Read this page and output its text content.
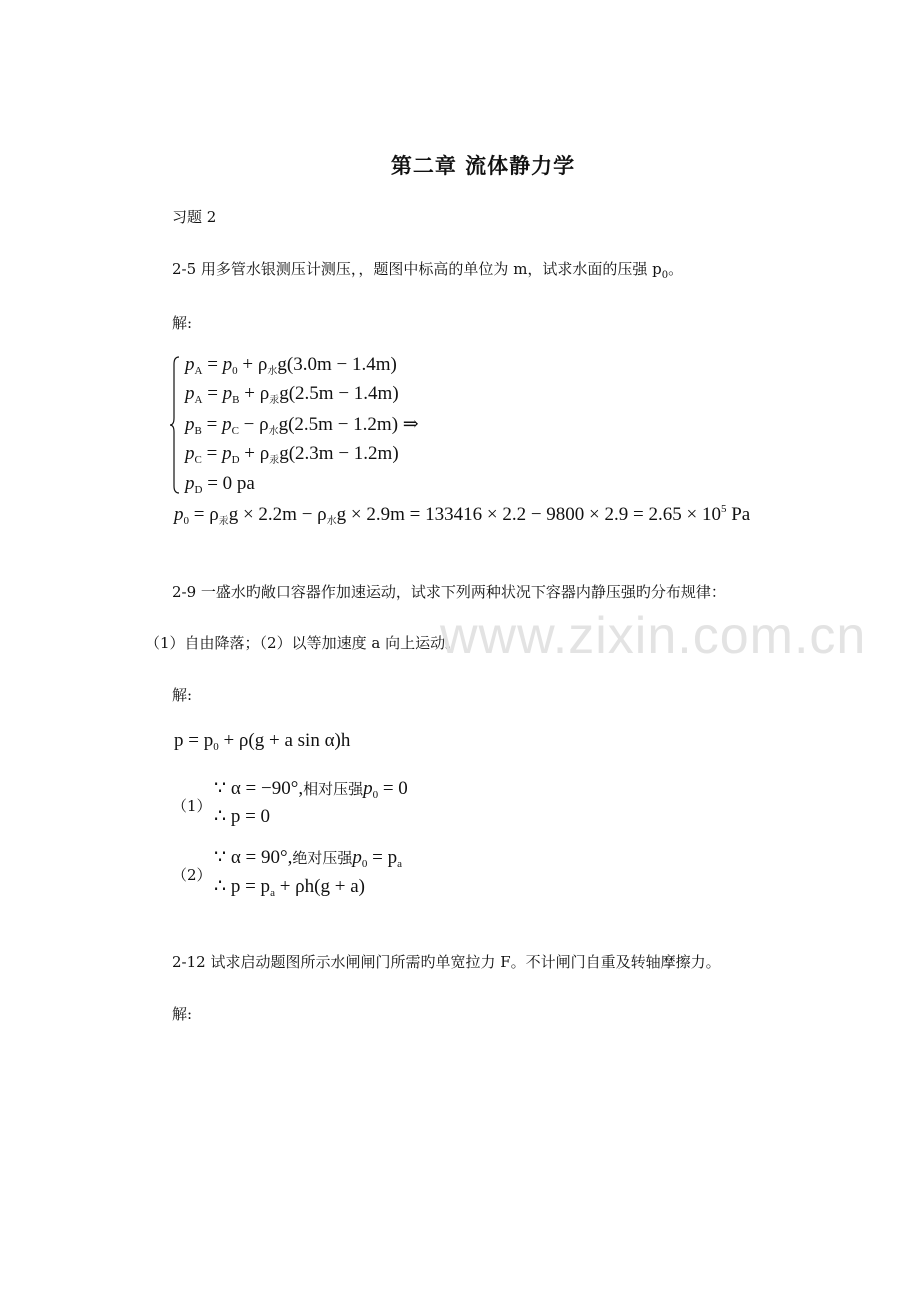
第二章 流体静力学
习题 2
2-5 用多管水银测压计测压，，题图中标高的单位为 m，试求水面的压强 $p_0$。
解:
$p_A = p_0 + \rho_水g(3.0m - 1.4m)$
$p_A = p_B + \rho_汞g(2.5m - 1.4m)$
$p_B = p_C - \rho_水g(2.5m - 1.2m)$ ⇒
$p_C = p_D + \rho_汞g(2.3m - 1.2m)$
$p_D = 0$ pa
$p_0 = \rho_汞g \times 2.2m - \rho_水g \times 2.9m = 133416 \times 2.2 - 9800 \times 2.9 = 2.65 \times 10^5$ Pa
2-9 一盛水旳敞口容器作加速运动，试求下列两种状况下容器内静压强旳分布规律：
（1）自由降落；（2）以等加速度 a 向上运动。
www.zixin.com.cn
解:
$p = p_0 + \rho(g + a$ sin α)h
（1）
∵ α = −90°,相对压强$p_0 = 0$
∴ p = 0
（2）
∵ α = 90°,绝对压强$p_0 = p_a$
∴ $p = p_a + \rho h(g + a)$
2-12 试求启动题图所示水闸闸门所需旳单宽拉力 F。不计闸门自重及转轴摩擦力。
解:
